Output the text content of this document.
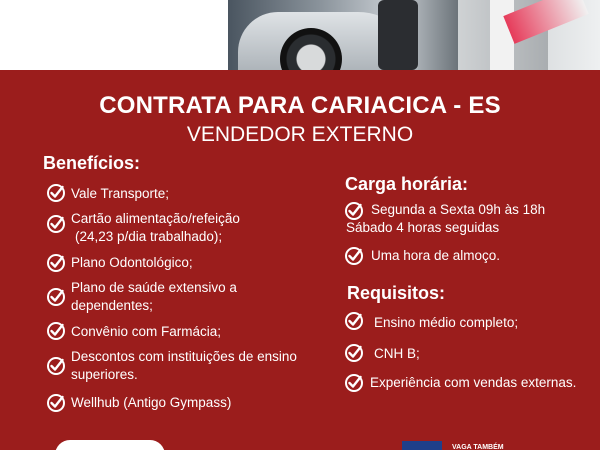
CONTRATA PARA CARIACICA - ES
VENDEDOR EXTERNO
Benefícios:
Vale Transporte;
Cartão alimentação/refeição
(24,23 p/dia trabalhado);
Plano Odontológico;
Plano de saúde extensivo a
dependentes;
Convênio com Farmácia;
Descontos com instituições de ensino
superiores.
Wellhub (Antigo Gympass)
Carga horária:
Segunda a Sexta 09h às 18h
Sábado 4 horas seguidas
Uma hora de almoço.
Requisitos:
Ensino médio completo;
CNH B;
Experiência com vendas externas.
VAGA TAMBÉM
